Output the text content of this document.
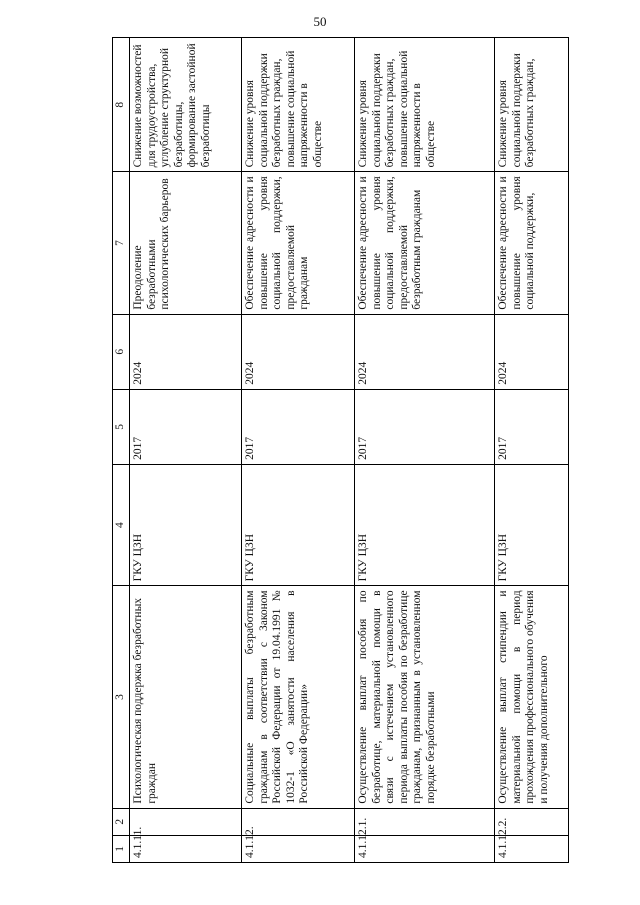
50
1	2	3	4	5	6	7	8
4.1.11.		Психологическая поддержка безработных граждан	ГКУ ЦЗН	2017	2024	Преодоление безработными психологических барьеров	Снижение возможностей для трудоустройства, углубление структурной безработицы, формирование застойной безработицы
4.1.12.		Социальные выплаты безработным гражданам в соответствии с Законом Российской Федерации от 19.04.1991 № 1032-1 «О занятости населения в Российской Федерации»	ГКУ ЦЗН	2017	2024	Обеспечение адресности и повышение уровня социальной поддержки, предоставляемой гражданам	Снижение уровня социальной поддержки безработных граждан, повышение социальной напряженности в обществе
4.1.12.1.		Осуществление выплат пособия по безработице, материальной помощи в связи с истечением установленного периода выплаты пособия по безработице гражданам, признанным в установленном порядке безработными	ГКУ ЦЗН	2017	2024	Обеспечение адресности и повышение уровня социальной поддержки, предоставляемой безработным гражданам	Снижение уровня социальной поддержки безработных граждан, повышение социальной напряженности в обществе
4.1.12.2.		Осуществление выплат стипендии и материальной помощи в период прохождения профессионального обучения и получения дополнительного	ГКУ ЦЗН	2017	2024	Обеспечение адресности и повышение уровня социальной поддержки,	Снижение уровня социальной поддержки безработных граждан,
